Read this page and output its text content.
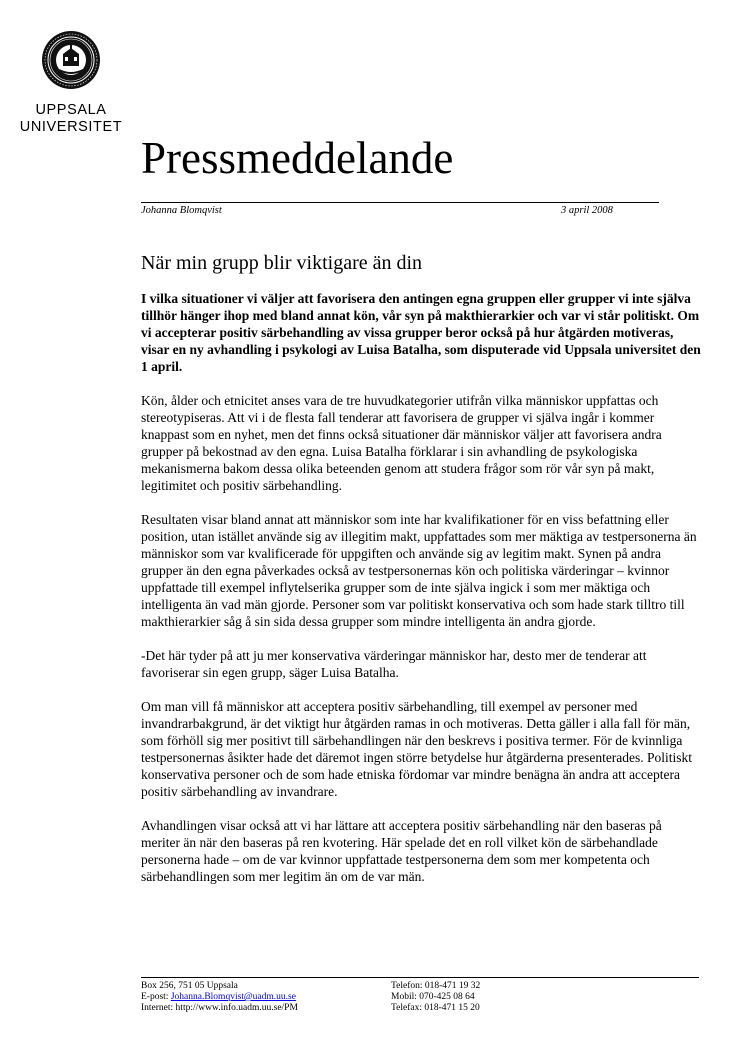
UPPSALA
UNIVERSITET
Pressmeddelande
Johanna Blomqvist	3 april 2008
När min grupp blir viktigare än din

I vilka situationer vi väljer att favorisera den antingen egna gruppen eller grupper vi inte själva tillhör hänger ihop med bland annat kön, vår syn på makthierarkier och var vi står politiskt. Om vi accepterar positiv särbehandling av vissa grupper beror också på hur åtgärden motiveras, visar en ny avhandling i psykologi av Luisa Batalha, som disputerade vid Uppsala universitet den 1 april.

Kön, ålder och etnicitet anses vara de tre huvudkategorier utifrån vilka människor uppfattas och stereotypiseras. Att vi i de flesta fall tenderar att favorisera de grupper vi själva ingår i kommer knappast som en nyhet, men det finns också situationer där människor väljer att favorisera andra grupper på bekostnad av den egna. Luisa Batalha förklarar i sin avhandling de psykologiska mekanismerna bakom dessa olika beteenden genom att studera frågor som rör vår syn på makt, legitimitet och positiv särbehandling.

Resultaten visar bland annat att människor som inte har kvalifikationer för en viss befattning eller position, utan istället använde sig av illegitim makt, uppfattades som mer mäktiga av testpersonerna än människor som var kvalificerade för uppgiften och använde sig av legitim makt. Synen på andra grupper än den egna påverkades också av testpersonernas kön och politiska värderingar – kvinnor uppfattade till exempel inflytelserika grupper som de inte själva ingick i som mer mäktiga och intelligenta än vad män gjorde. Personer som var politiskt konservativa och som hade stark tilltro till makthierarkier såg å sin sida dessa grupper som mindre intelligenta än andra gjorde.

-Det här tyder på att ju mer konservativa värderingar människor har, desto mer de tenderar att favoriserar sin egen grupp, säger Luisa Batalha.

Om man vill få människor att acceptera positiv särbehandling, till exempel av personer med invandrarbakgrund, är det viktigt hur åtgärden ramas in och motiveras. Detta gäller i alla fall för män, som förhöll sig mer positivt till särbehandlingen när den beskrevs i positiva termer. För de kvinnliga testpersonernas åsikter hade det däremot ingen större betydelse hur åtgärderna presenterades. Politiskt konservativa personer och de som hade etniska fördomar var mindre benägna än andra att acceptera positiv särbehandling av invandrare.

Avhandlingen visar också att vi har lättare att acceptera positiv särbehandling när den baseras på meriter än när den baseras på ren kvotering. Här spelade det en roll vilket kön de särbehandlade personerna hade – om de var kvinnor uppfattade testpersonerna dem som mer kompetenta och särbehandlingen som mer legitim än om de var män.

Box 256, 751 05 Uppsala
E-post: Johanna.Blomqvist@uadm.uu.se
Internet: http://www.info.uadm.uu.se/PM
Telefon: 018-471 19 32
Mobil: 070-425 08 64
Telefax: 018-471 15 20
